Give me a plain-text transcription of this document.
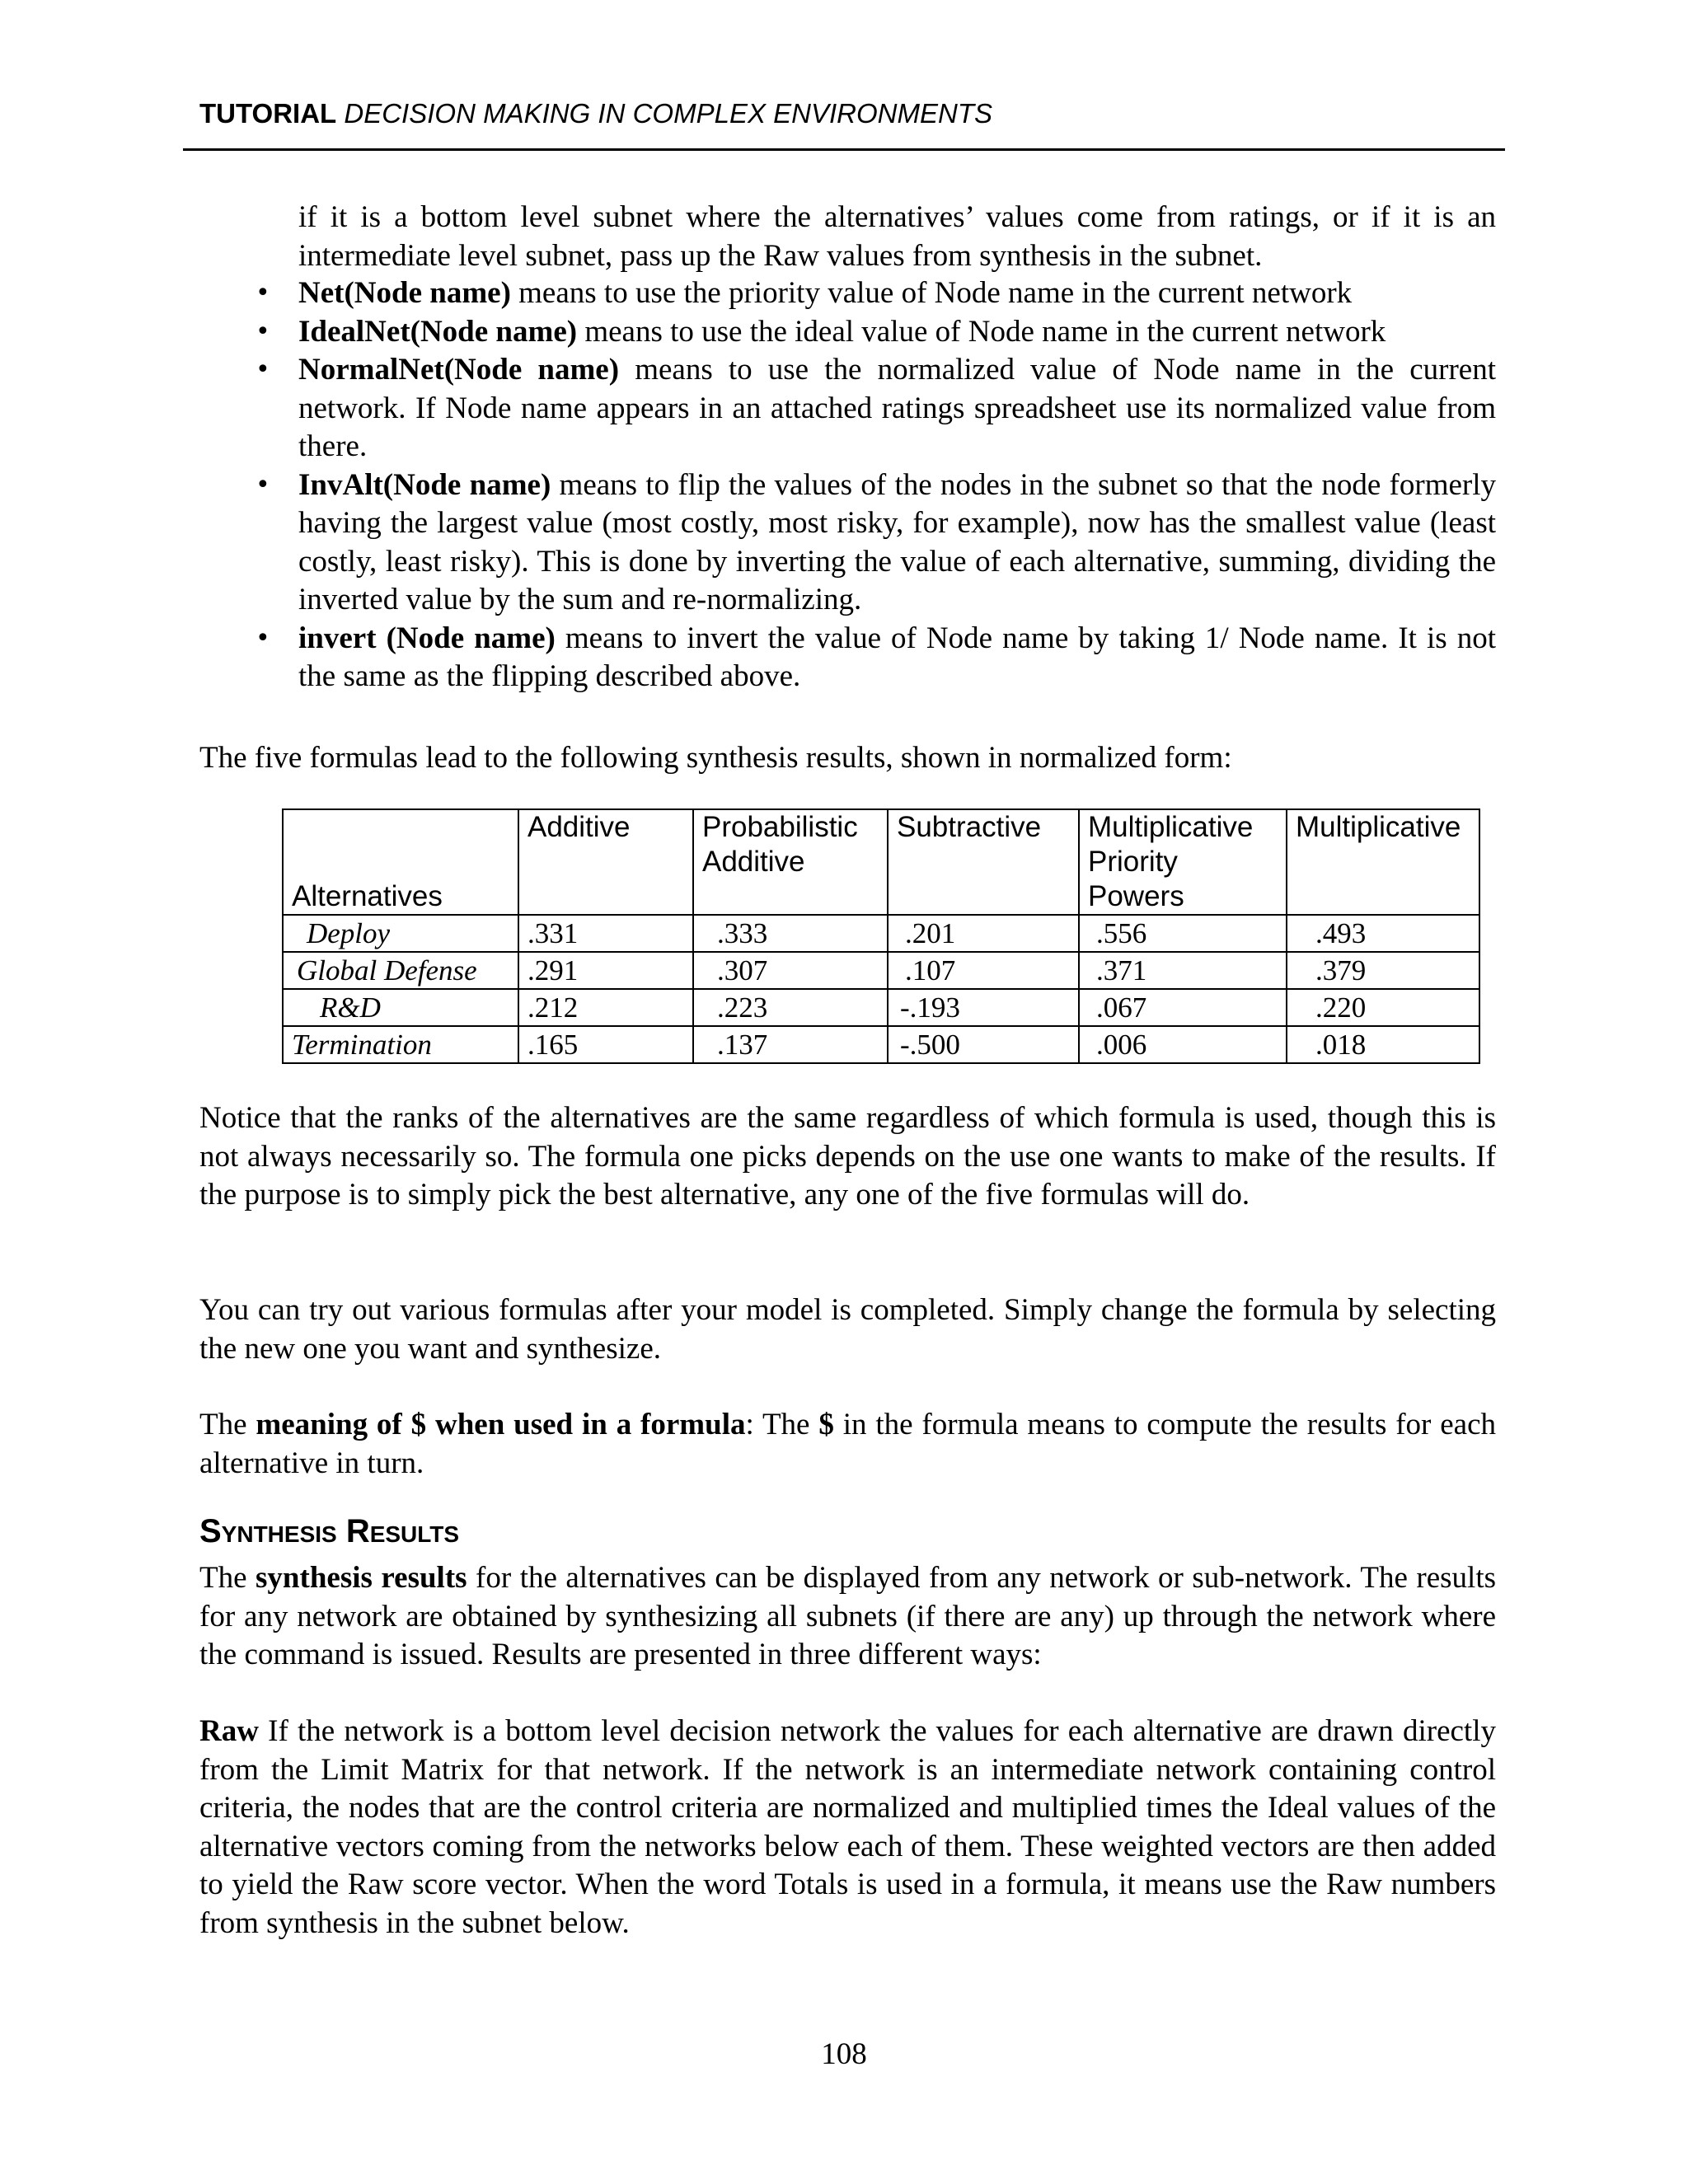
TUTORIAL DECISION MAKING IN COMPLEX ENVIRONMENTS
if it is a bottom level subnet where the alternatives’ values come from ratings, or if it is an intermediate level subnet, pass up the Raw values from synthesis in the subnet.
• Net(Node name) means to use the priority value of Node name in the current network
• IdealNet(Node name) means to use the ideal value of Node name in the current network
• NormalNet(Node name) means to use the normalized value of Node name in the current network. If Node name appears in an attached ratings spreadsheet use its normalized value from there.
• InvAlt(Node name) means to flip the values of the nodes in the subnet so that the node formerly having the largest value (most costly, most risky, for example), now has the smallest value (least costly, least risky). This is done by inverting the value of each alternative, summing, dividing the inverted value by the sum and re-normalizing.
• invert (Node name) means to invert the value of Node name by taking 1/ Node name. It is not the same as the flipping described above.
The five formulas lead to the following synthesis results, shown in normalized form:
Alternatives	Additive	Probabilistic Additive	Subtractive	Multiplicative Priority Powers	Multiplicative
Deploy	.331	.333	.201	.556	.493
Global Defense	.291	.307	.107	.371	.379
R&D	.212	.223	-.193	.067	.220
Termination	.165	.137	-.500	.006	.018
Notice that the ranks of the alternatives are the same regardless of which formula is used, though this is not always necessarily so. The formula one picks depends on the use one wants to make of the results. If the purpose is to simply pick the best alternative, any one of the five formulas will do.
You can try out various formulas after your model is completed. Simply change the formula by selecting the new one you want and synthesize.
The meaning of $ when used in a formula: The $ in the formula means to compute the results for each alternative in turn.
Synthesis Results
The synthesis results for the alternatives can be displayed from any network or sub-network. The results for any network are obtained by synthesizing all subnets (if there are any) up through the network where the command is issued. Results are presented in three different ways:
Raw If the network is a bottom level decision network the values for each alternative are drawn directly from the Limit Matrix for that network. If the network is an intermediate network containing control criteria, the nodes that are the control criteria are normalized and multiplied times the Ideal values of the alternative vectors coming from the networks below each of them. These weighted vectors are then added to yield the Raw score vector. When the word Totals is used in a formula, it means use the Raw numbers from synthesis in the subnet below.
108
